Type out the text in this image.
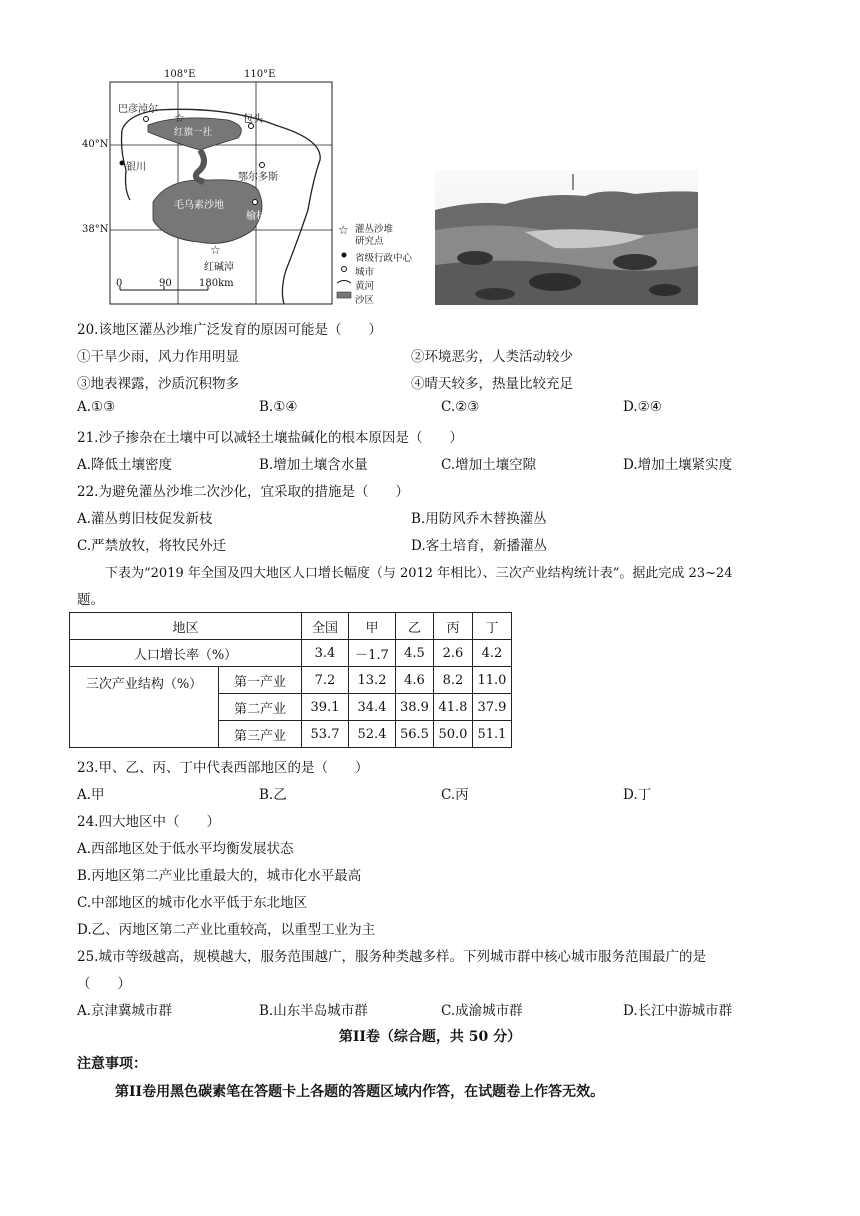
☆
☆
☆
108°E	110°E
40°N
38°N
巴彦淖尔
包头
红旗一社
银川
鄂尔多斯
毛乌素沙地
榆林
红碱淖
0	90	180km
灌丛沙堆研究点
省级行政中心
城市
黄河
沙区
20.该地区灌丛沙堆广泛发育的原因可能是（　　）
①干旱少雨，风力作用明显	②环境恶劣，人类活动较少
③地表裸露，沙质沉积物多	④晴天较多，热量比较充足
A.①③	B.①④	C.②③	D.②④
21.沙子掺杂在土壤中可以减轻土壤盐碱化的根本原因是（　　）
A.降低土壤密度	B.增加土壤含水量	C.增加土壤空隙	D.增加土壤紧实度
22.为避免灌丛沙堆二次沙化，宜采取的措施是（　　）
A.灌丛剪旧枝促发新枝	B.用防风乔木替换灌丛
C.严禁放牧，将牧民外迁	D.客土培育，新播灌丛
下表为“2019 年全国及四大地区人口增长幅度（与 2012 年相比）、三次产业结构统计表”。据此完成 23~24
题。
地区		全国	甲	乙	丙	丁
人口增长率（%）		3.4	－1.7	4.5	2.6	4.2
三次产业结构（%）	第一产业	7.2	13.2	4.6	8.2	11.0
	第二产业	39.1	34.4	38.9	41.8	37.9
	第三产业	53.7	52.4	56.5	50.0	51.1
23.甲、乙、丙、丁中代表西部地区的是（　　）
A.甲	B.乙	C.丙	D.丁
24.四大地区中（　　）
A.西部地区处于低水平均衡发展状态
B.丙地区第二产业比重最大的，城市化水平最高
C.中部地区的城市化水平低于东北地区
D.乙、丙地区第二产业比重较高，以重型工业为主
25.城市等级越高，规模越大，服务范围越广，服务种类越多样。下列城市群中核心城市服务范围最广的是
（　　）
A.京津冀城市群	B.山东半岛城市群	C.成渝城市群	D.长江中游城市群
第II卷（综合题，共 50 分）
注意事项：
第II卷用黑色碳素笔在答题卡上各题的答题区域内作答，在试题卷上作答无效。
